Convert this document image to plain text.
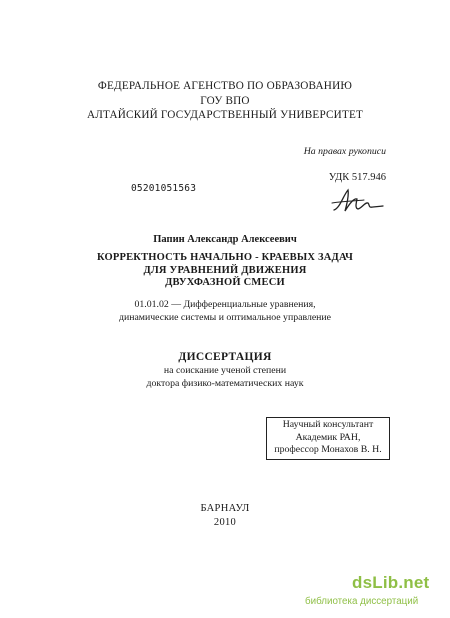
ФЕДЕРАЛЬНОЕ АГЕНСТВО ПО ОБРАЗОВАНИЮ
ГОУ ВПО
АЛТАЙСКИЙ ГОСУДАРСТВЕННЫЙ УНИВЕРСИТЕТ
На правах рукописи
УДК 517.946
05201051563
Папин Александр Алексеевич
КОРРЕКТНОСТЬ НАЧАЛЬНО - КРАЕВЫХ ЗАДАЧ
ДЛЯ УРАВНЕНИЙ ДВИЖЕНИЯ
ДВУХФАЗНОЙ СМЕСИ
01.01.02 — Дифференциальные уравнения,
динамические системы и оптимальное управление
ДИССЕРТАЦИЯ
на соискание ученой степени
доктора физико-математических наук
Научный консультант
Академик РАН,
профессор Монахов В. Н.
БАРНАУЛ
2010
dsLib.net
библиотека диссертаций
